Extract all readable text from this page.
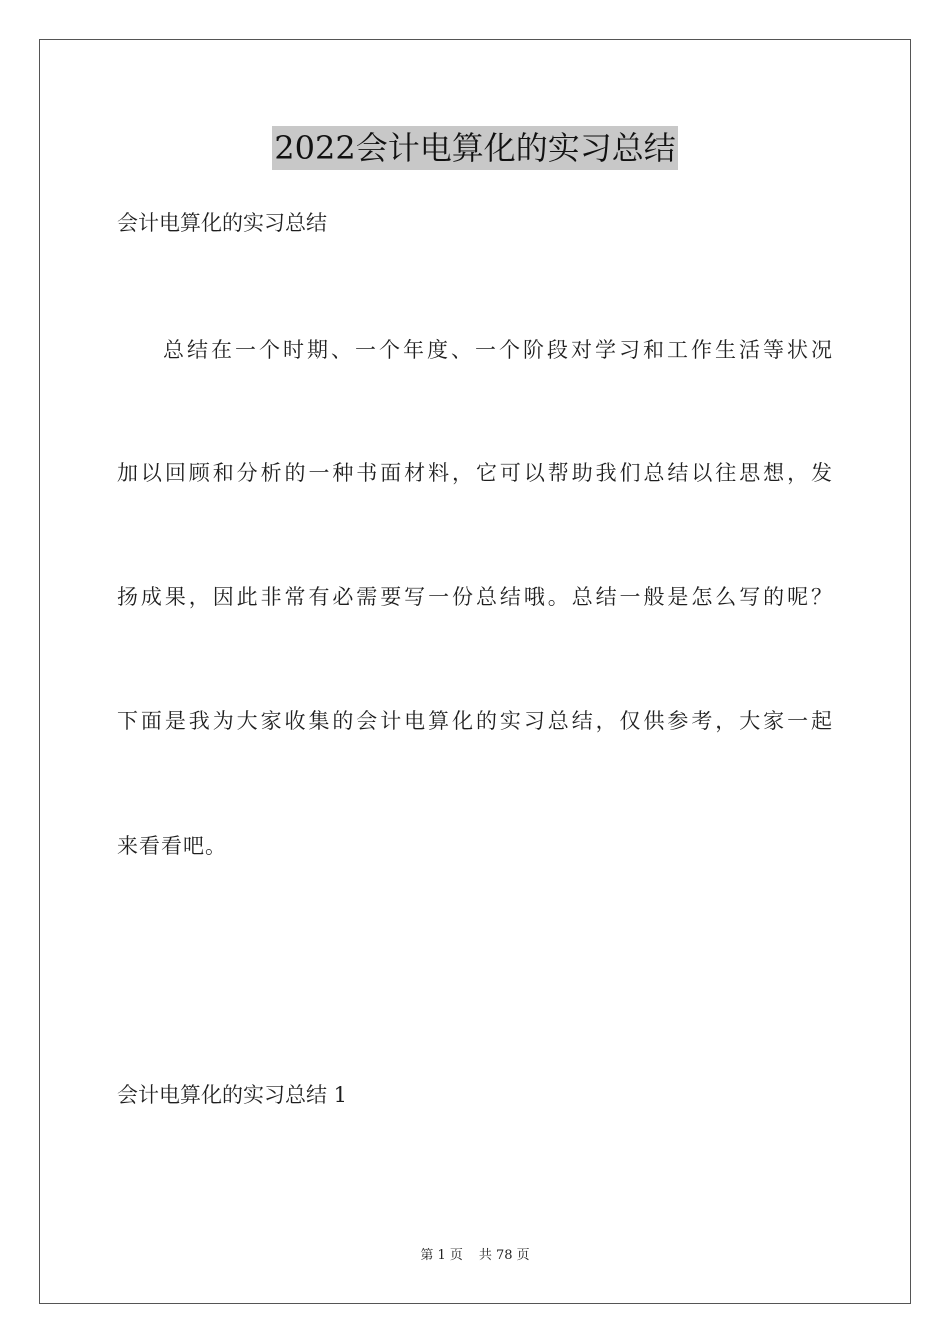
2022会计电算化的实习总结

会计电算化的实习总结

总结在一个时期、一个年度、一个阶段对学习和工作生活等状况

加以回顾和分析的一种书面材料，它可以帮助我们总结以往思想，发

扬成果，因此非常有必需要写一份总结哦。总结一般是怎么写的呢？

下面是我为大家收集的会计电算化的实习总结，仅供参考，大家一起

来看看吧。

会计电算化的实习总结 1

第 1 页 共 78 页
